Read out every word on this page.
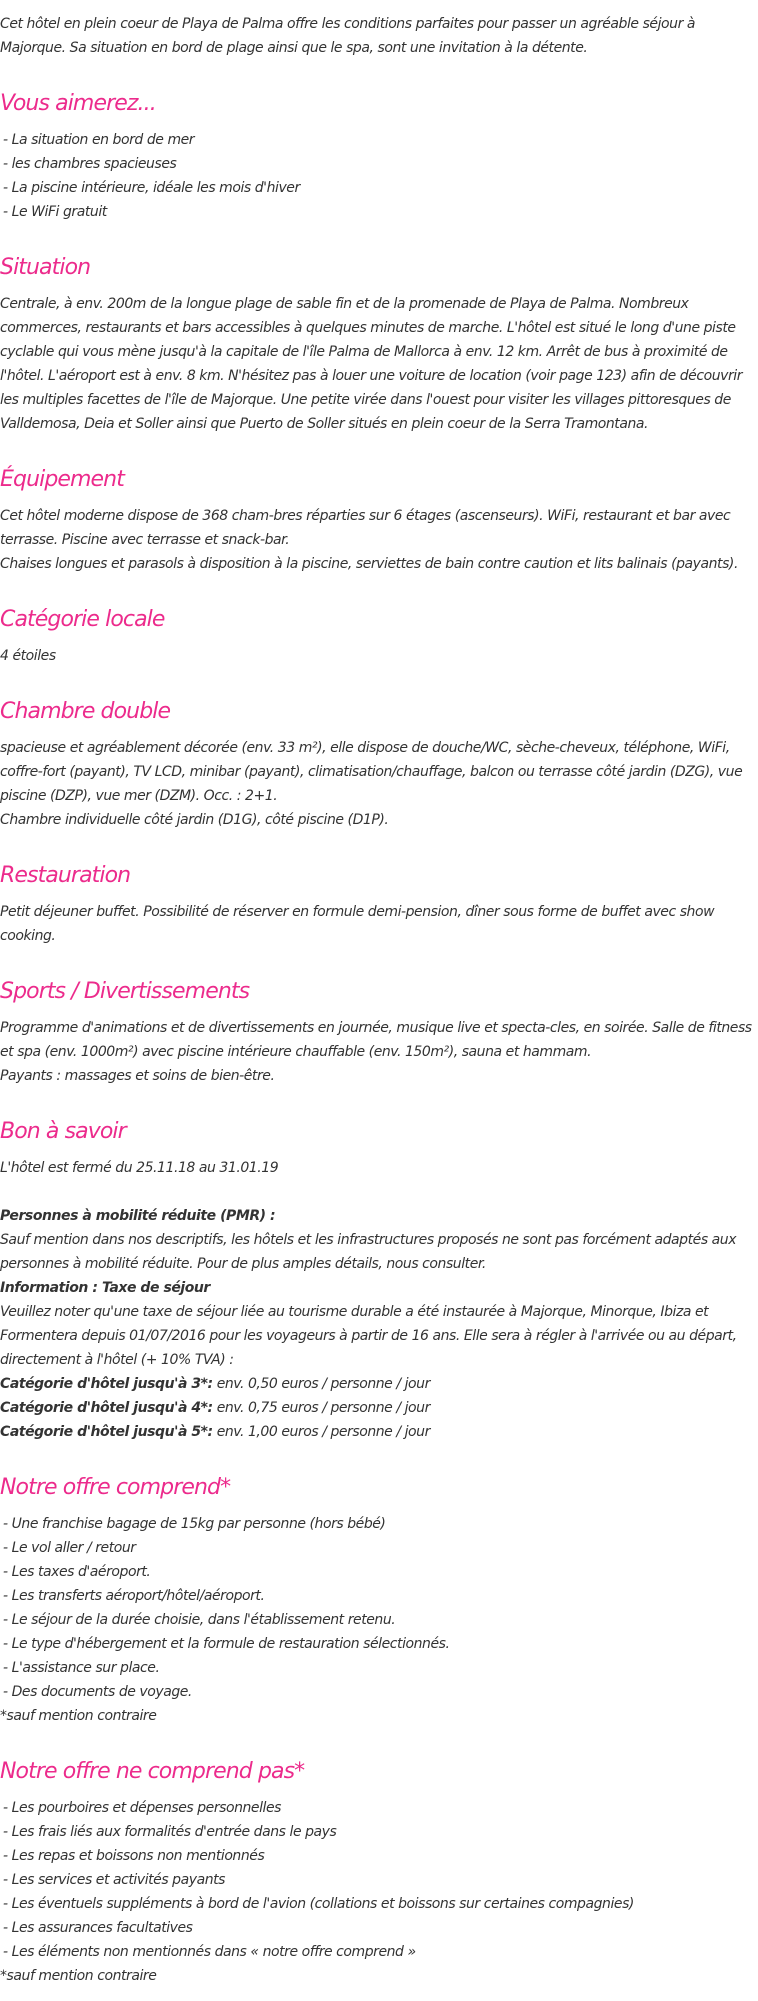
Cet hôtel en plein coeur de Playa de Palma offre les conditions parfaites pour passer un agréable séjour à Majorque. Sa situation en bord de plage ainsi que le spa, sont une invitation à la détente.

Vous aimerez...

- La situation en bord de mer

- les chambres spacieuses

- La piscine intérieure, idéale les mois d'hiver

- Le WiFi gratuit

Situation

Centrale, à env. 200m de la longue plage de sable fin et de la promenade de Playa de Palma. Nombreux commerces, restaurants et bars accessibles à quelques minutes de marche. L'hôtel est situé le long d'une piste cyclable qui vous mène jusqu'à la capitale de l'île Palma de Mallorca à env. 12 km. Arrêt de bus à proximité de l'hôtel. L'aéroport est à env. 8 km. N'hésitez pas à louer une voiture de location (voir page 123) afin de découvrir les multiples facettes de l'île de Majorque. Une petite virée dans l'ouest pour visiter les villages pittoresques de Valldemosa, Deia et Soller ainsi que Puerto de Soller situés en plein coeur de la Serra Tramontana.

Équipement

Cet hôtel moderne dispose de 368 cham-bres réparties sur 6 étages (ascenseurs). WiFi, restaurant et bar avec terrasse. Piscine avec terrasse et snack-bar.

Chaises longues et parasols à disposition à la piscine, serviettes de bain contre caution et lits balinais (payants).

Catégorie locale

4 étoiles

Chambre double

spacieuse et agréablement décorée (env. 33 m²), elle dispose de douche/WC, sèche-cheveux, téléphone, WiFi, coffre-fort (payant), TV LCD, minibar (payant), climatisation/chauffage, balcon ou terrasse côté jardin (DZG), vue piscine (DZP), vue mer (DZM). Occ. : 2+1.

Chambre individuelle côté jardin (D1G), côté piscine (D1P).

Restauration

Petit déjeuner buffet. Possibilité de réserver en formule demi-pension, dîner sous forme de buffet avec show cooking.

Sports / Divertissements

Programme d'animations et de divertissements en journée, musique live et specta-cles, en soirée. Salle de fitness et spa (env. 1000m²) avec piscine intérieure chauffable (env. 150m²), sauna et hammam.

Payants : massages et soins de bien-être.

Bon à savoir

L'hôtel est fermé du 25.11.18 au 31.01.19

Personnes à mobilité réduite (PMR) :

Sauf mention dans nos descriptifs, les hôtels et les infrastructures proposés ne sont pas forcément adaptés aux personnes à mobilité réduite. Pour de plus amples détails, nous consulter.

Information : Taxe de séjour

Veuillez noter qu'une taxe de séjour liée au tourisme durable a été instaurée à Majorque, Minorque, Ibiza et Formentera depuis 01/07/2016 pour les voyageurs à partir de 16 ans. Elle sera à régler à l'arrivée ou au départ, directement à l'hôtel (+ 10% TVA) :

Catégorie d'hôtel jusqu'à 3*: env. 0,50 euros / personne / jour

Catégorie d'hôtel jusqu'à 4*: env. 0,75 euros / personne / jour

Catégorie d'hôtel jusqu'à 5*: env. 1,00 euros / personne / jour

Notre offre comprend*

- Une franchise bagage de 15kg par personne (hors bébé)

- Le vol aller / retour

- Les taxes d'aéroport.

- Les transferts aéroport/hôtel/aéroport.

- Le séjour de la durée choisie, dans l'établissement retenu.

- Le type d'hébergement et la formule de restauration sélectionnés.

- L'assistance sur place.

- Des documents de voyage.

*sauf mention contraire

Notre offre ne comprend pas*

- Les pourboires et dépenses personnelles

- Les frais liés aux formalités d'entrée dans le pays

- Les repas et boissons non mentionnés

- Les services et activités payants

- Les éventuels suppléments à bord de l'avion (collations et boissons sur certaines compagnies)

- Les assurances facultatives

- Les éléments non mentionnés dans « notre offre comprend »

*sauf mention contraire
